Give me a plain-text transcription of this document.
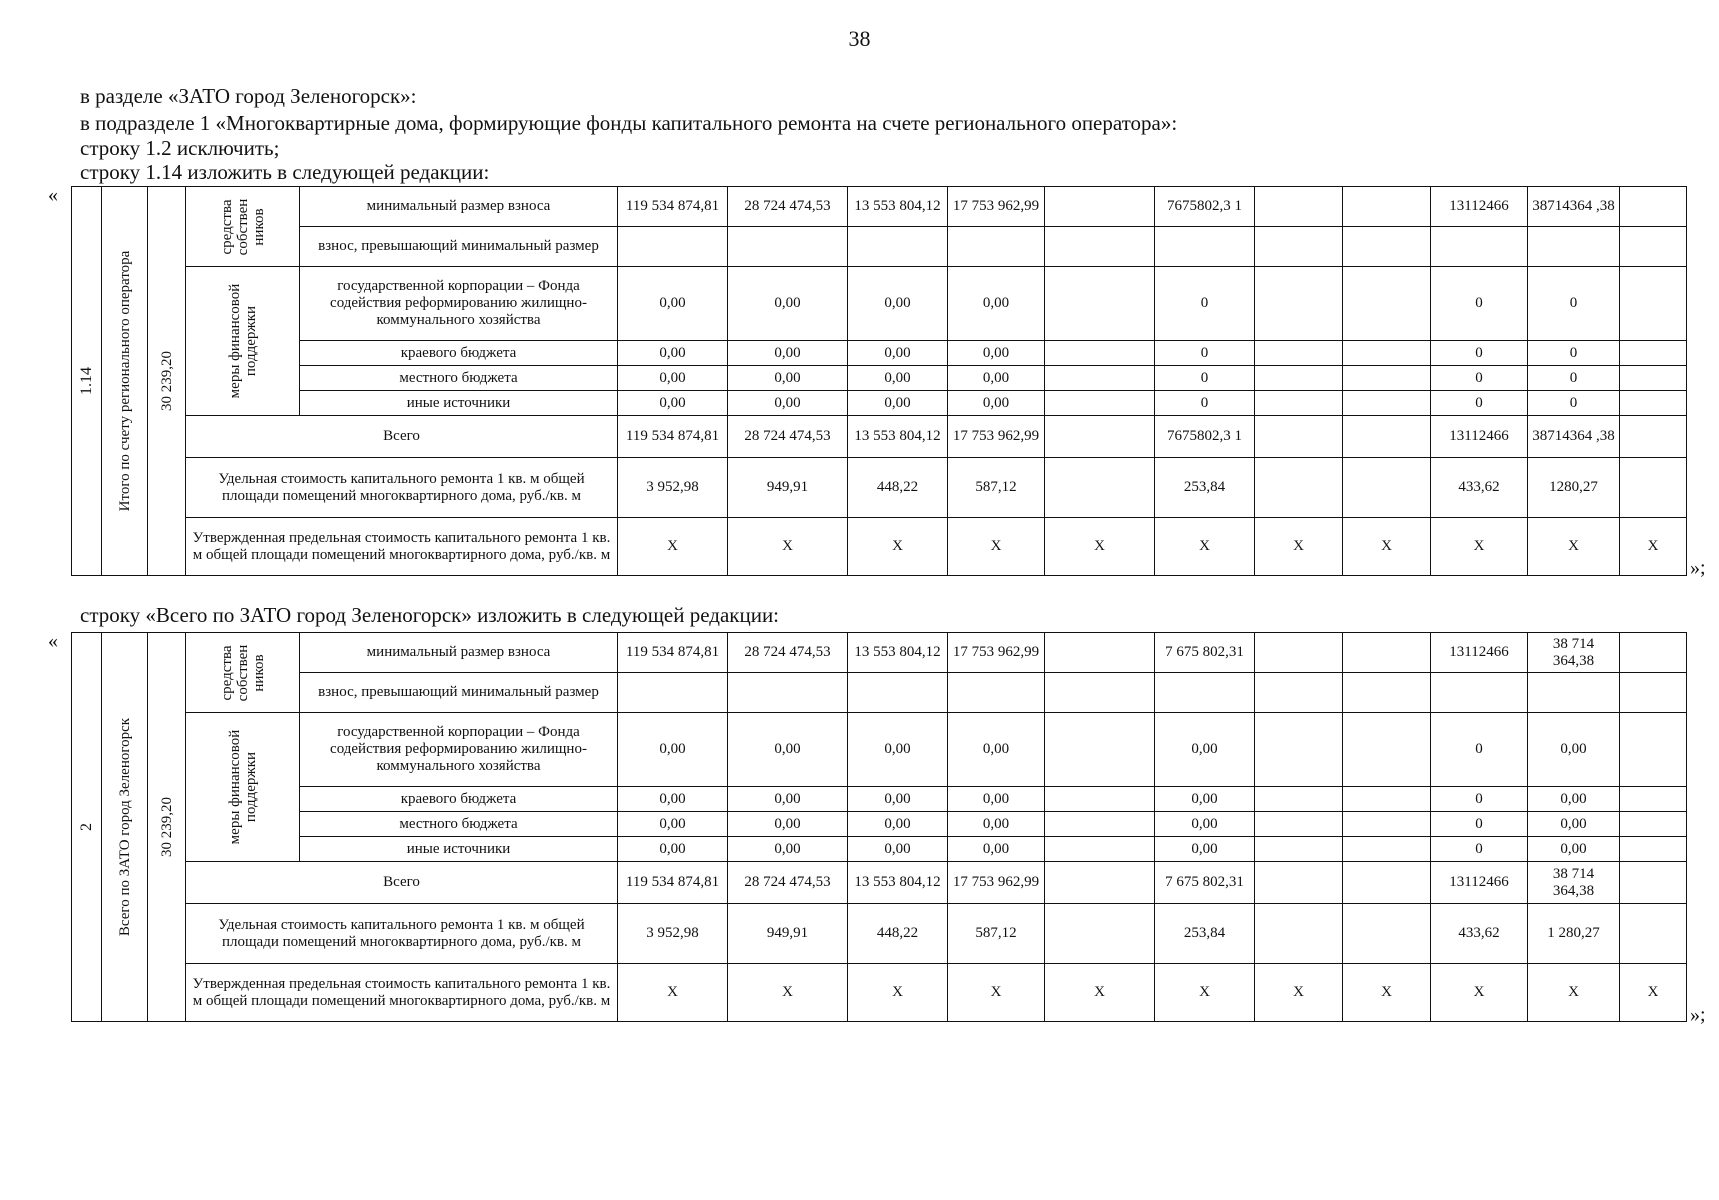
38
в разделе «ЗАТО город Зеленогорск»:
в подразделе 1 «Многоквартирные дома, формирующие фонды капитального ремонта на счете регионального оператора»:
строку 1.2 исключить;
строку 1.14 изложить в следующей редакции:
«
»;
строку «Всего по ЗАТО город Зеленогорск» изложить в следующей редакции:
«
»;
1.14	Итого по счету регионального оператора	30 239,20	средства собствен ников	минимальный размер взноса	119 534 874,81	28 724 474,53	13 553 804,12	17 753 962,99		7675802,3 1			13112466	38714364 ,38	
				взнос, превышающий минимальный размер											

			меры финансовой поддержки	государственной корпорации – Фонда содействия реформированию жилищно-коммунального хозяйства	0,00	0,00	0,00	0,00		0			0	0	
				краевого бюджета	0,00	0,00	0,00	0,00		0			0	0	
				местного бюджета	0,00	0,00	0,00	0,00		0			0	0	
				иные источники	0,00	0,00	0,00	0,00		0			0	0	
			Всего		119 534 874,81	28 724 474,53	13 553 804,12	17 753 962,99		7675802,3 1			13112466	38714364 ,38	
			Удельная стоимость капитального ремонта 1 кв. м общей площади помещений многоквартирного дома, руб./кв. м		3 952,98	949,91	448,22	587,12		253,84			433,62	1280,27	
			Утвержденная предельная стоимость капитального ремонта 1 кв. м общей площади помещений многоквартирного дома, руб./кв. м		X	X	X	X	X	X	X	X	X	X	X
2	Всего по ЗАТО город Зеленогорск	30 239,20	средства собствен ников	минимальный размер взноса	119 534 874,81	28 724 474,53	13 553 804,12	17 753 962,99		7 675 802,31			13112466	38 714 364,38	
				взнос, превышающий минимальный размер											

			меры финансовой поддержки	государственной корпорации – Фонда содействия реформированию жилищно-коммунального хозяйства	0,00	0,00	0,00	0,00		0,00			0	0,00	
				краевого бюджета	0,00	0,00	0,00	0,00		0,00			0	0,00	
				местного бюджета	0,00	0,00	0,00	0,00		0,00			0	0,00	
				иные источники	0,00	0,00	0,00	0,00		0,00			0	0,00	
			Всего		119 534 874,81	28 724 474,53	13 553 804,12	17 753 962,99		7 675 802,31			13112466	38 714 364,38	
			Удельная стоимость капитального ремонта 1 кв. м общей площади помещений многоквартирного дома, руб./кв. м		3 952,98	949,91	448,22	587,12		253,84			433,62	1 280,27	
			Утвержденная предельная стоимость капитального ремонта 1 кв. м общей площади помещений многоквартирного дома, руб./кв. м		X	X	X	X	X	X	X	X	X	X	X
